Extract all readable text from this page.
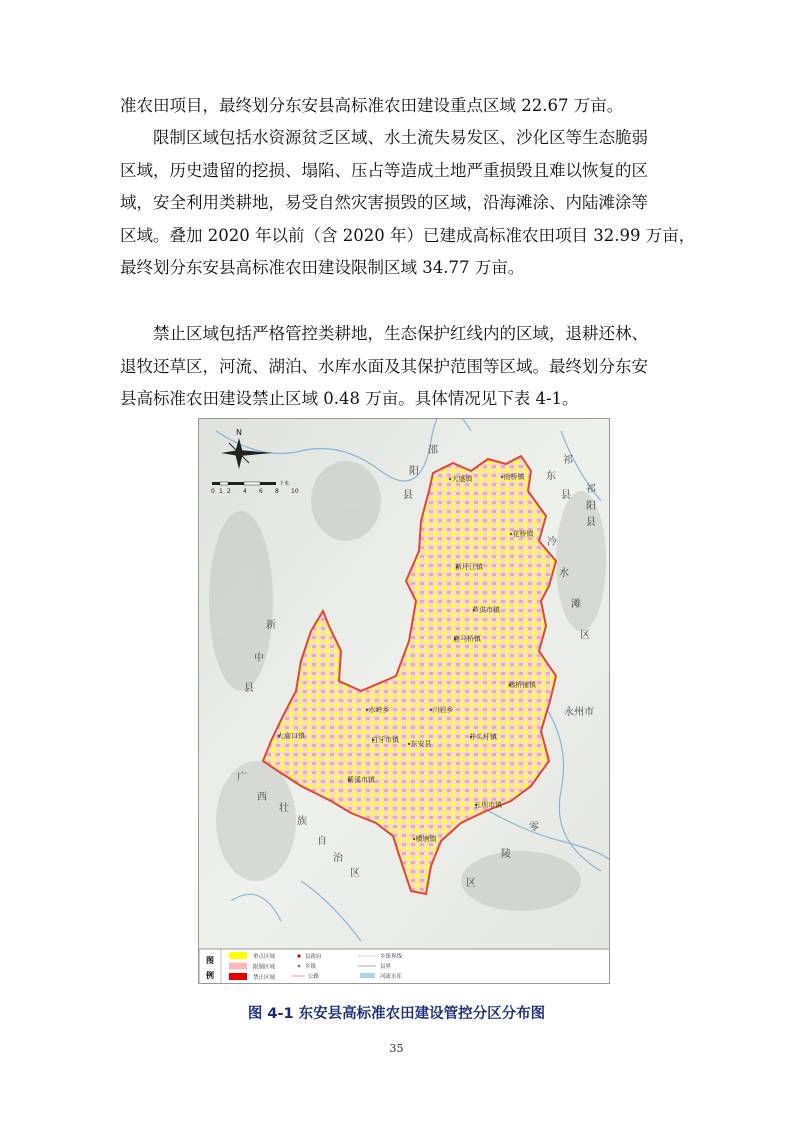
准农田项目，最终划分东安县高标准农田建设重点区域 22.67 万亩。

限制区域包括水资源贫乏区域、水土流失易发区、沙化区等生态脆弱
区域，历史遗留的挖损、塌陷、压占等造成土地严重损毁且难以恢复的区
域，安全利用类耕地，易受自然灾害损毁的区域，沿海滩涂、内陆滩涂等
区域。叠加 2020 年以前（含 2020 年）已建成高标准农田项目 32.99 万亩，
最终划分东安县高标准农田建设限制区域 34.77 万亩。

禁止区域包括严格管控类耕地，生态保护红线内的区域，退耕还林、
退牧还草区，河流、湖泊、水库水面及其保护范围等区域。最终划分东安
县高标准农田建设禁止区域 0.48 万亩。具体情况见下表 4-1。

大盛镇	南桥镇
花桥镇
新圩江镇
芦洪市镇
鹿马桥镇
端桥铺镇
水岭乡	川岩乡
白牙市镇 东安县
井头圩镇
大庙口镇
紫溪市镇
五圳市镇
横塘镇
邵
阳
县
祁
东
县
祁
阳
县
冷
水
滩
区
新
中
县
广
西
壮
族
自
治
区
零
陵
区
永州市
N
0 1 2 4 6 8 10
千米
图
例
重点区域
限制区域
禁止区域
县政府
乡镇
公路
乡镇界线
县界
河流水库
图 4-1 东安县高标准农田建设管控分区分布图
35
